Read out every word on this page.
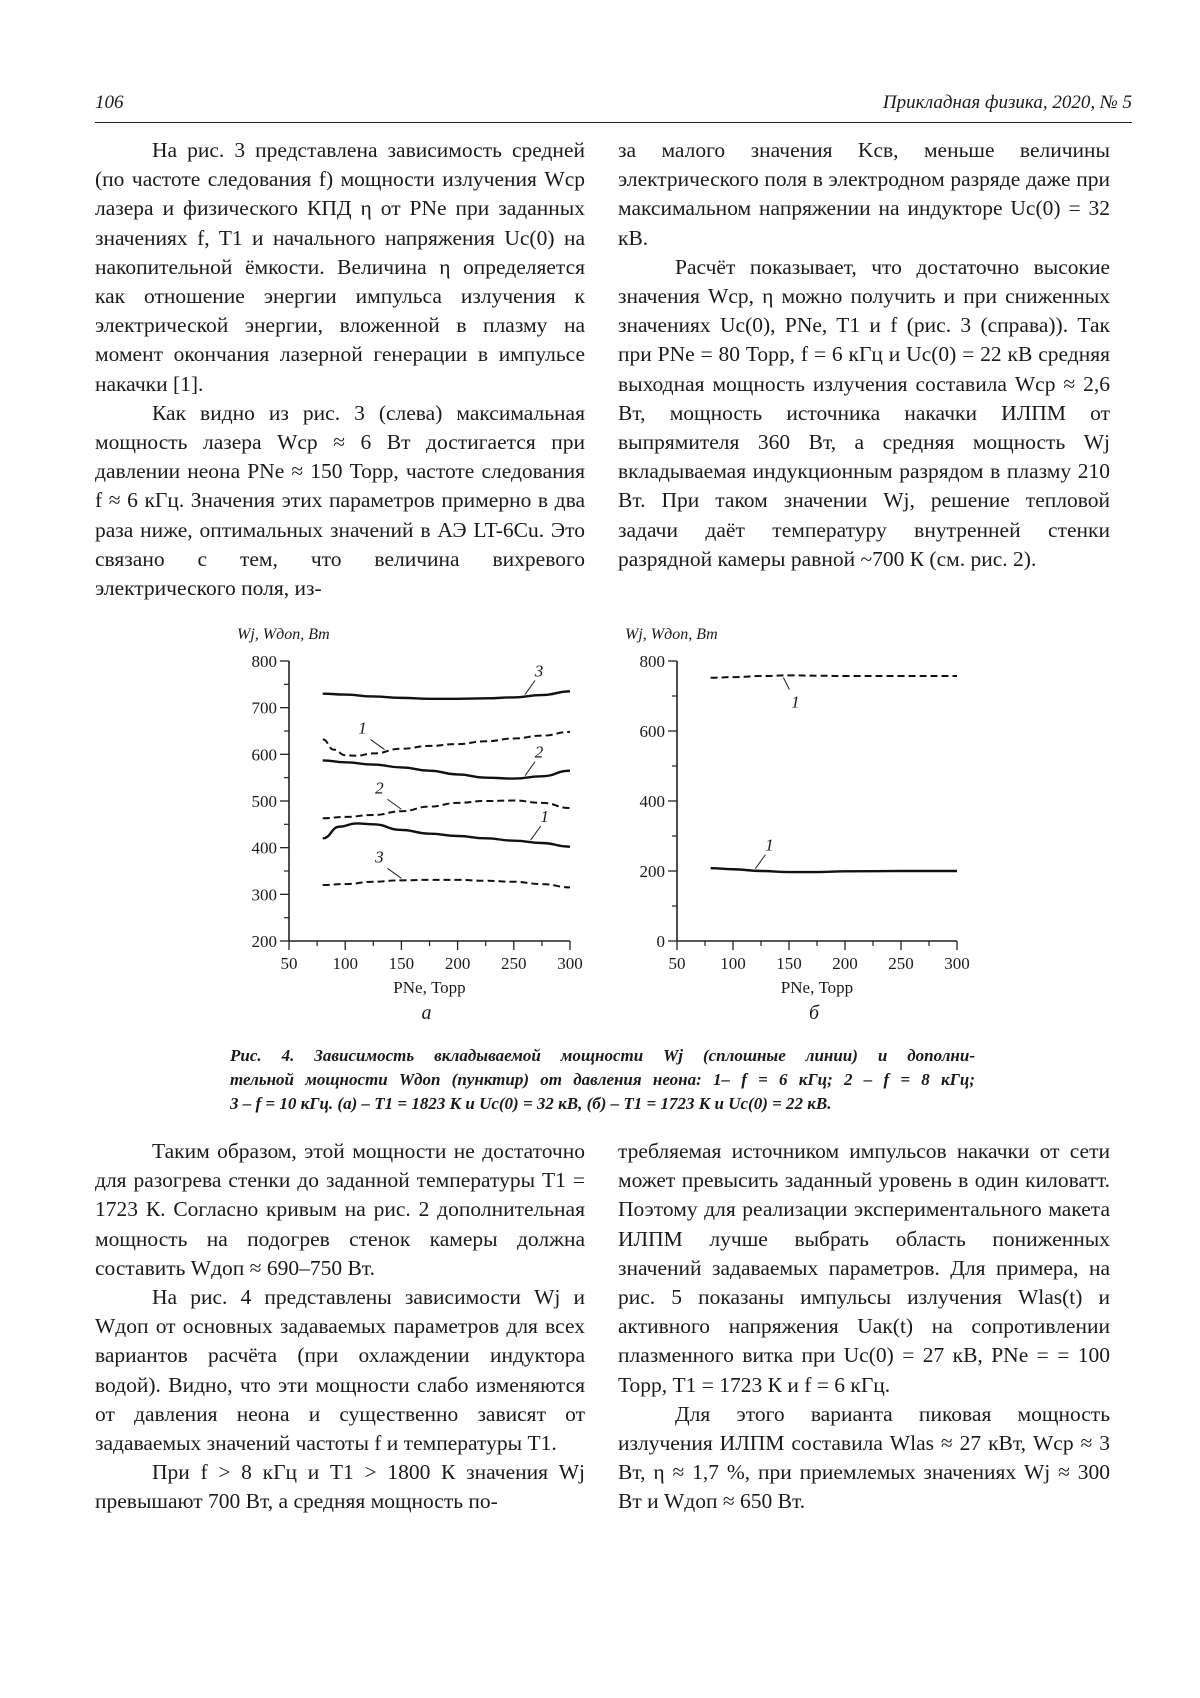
106	Прикладная физика, 2020, № 5

На рис. 3 представлена зависимость средней (по частоте следования f) мощности излучения Wср лазера и физического КПД η от PNe при заданных значениях f, T1 и начального напряжения Uc(0) на накопительной ёмкости. Величина η определяется как отношение энергии импульса излучения к электрической энергии, вложенной в плазму на момент окончания лазерной генерации в импульсе накачки [1].

Как видно из рис. 3 (слева) максимальная мощность лазера Wср ≈ 6 Вт достигается при давлении неона PNe ≈ 150 Торр, частоте следования f ≈ 6 кГц. Значения этих параметров примерно в два раза ниже, оптимальных значений в АЭ LT-6Cu. Это связано с тем, что величина вихревого электрического поля, из-

за малого значения Kсв, меньше величины электрического поля в электродном разряде даже при максимальном напряжении на индукторе Uc(0) = 32 кВ.

Расчёт показывает, что достаточно высокие значения Wср, η можно получить и при сниженных значениях Uc(0), PNe, T1 и f (рис. 3 (справа)). Так при PNe = 80 Торр, f = 6 кГц и Uc(0) = 22 кВ средняя выходная мощность излучения составила Wср ≈ 2,6 Вт, мощность источника накачки ИЛПМ от выпрямителя 360 Вт, а средняя мощность Wj вкладываемая индукционным разрядом в плазму 210 Вт. При таком значении Wj, решение тепловой задачи даёт температуру внутренней стенки разрядной камеры равной ~700 К (см. рис. 2).

200
300
400
500
600
700
800
50 100 150 200 250 300
Wj, Wдоп, Вт
PNe, Торр
а
3
1
2
2
1
3
0
200
400
600
800
50 100 150 200 250 300
Wj, Wдоп, Вт
PNe, Торр
б
1
1
Рис. 4. Зависимость вкладываемой мощности Wj (сплошные линии) и дополни-
тельной мощности Wдоп (пунктир) от давления неона: 1– f = 6 кГц; 2 – f = 8 кГц;
3 – f = 10 кГц. (а) – T1 = 1823 К и Uc(0) = 32 кВ, (б) – T1 = 1723 К и Uc(0) = 22 кВ.

Таким образом, этой мощности не достаточно для разогрева стенки до заданной температуры T1 = 1723 К. Согласно кривым на рис. 2 дополнительная мощность на подогрев стенок камеры должна составить Wдоп ≈ 690–750 Вт.

На рис. 4 представлены зависимости Wj и Wдоп от основных задаваемых параметров для всех вариантов расчёта (при охлаждении индуктора водой). Видно, что эти мощности слабо изменяются от давления неона и существенно зависят от задаваемых значений частоты f и температуры T1.

При f > 8 кГц и T1 > 1800 К значения Wj превышают 700 Вт, а средняя мощность по-

требляемая источником импульсов накачки от сети может превысить заданный уровень в один киловатт. Поэтому для реализации экспериментального макета ИЛПМ лучше выбрать область пониженных значений задаваемых параметров. Для примера, на рис. 5 показаны импульсы излучения Wlas(t) и активного напряжения Uак(t) на сопротивлении плазменного витка при Uc(0) = 27 кВ, PNe = = 100 Торр, T1 = 1723 К и f = 6 кГц.

Для этого варианта пиковая мощность излучения ИЛПМ составила Wlas ≈ 27 кВт, Wср ≈ 3 Вт, η ≈ 1,7 %, при приемлемых значениях Wj ≈ 300 Вт и Wдоп ≈ 650 Вт.
